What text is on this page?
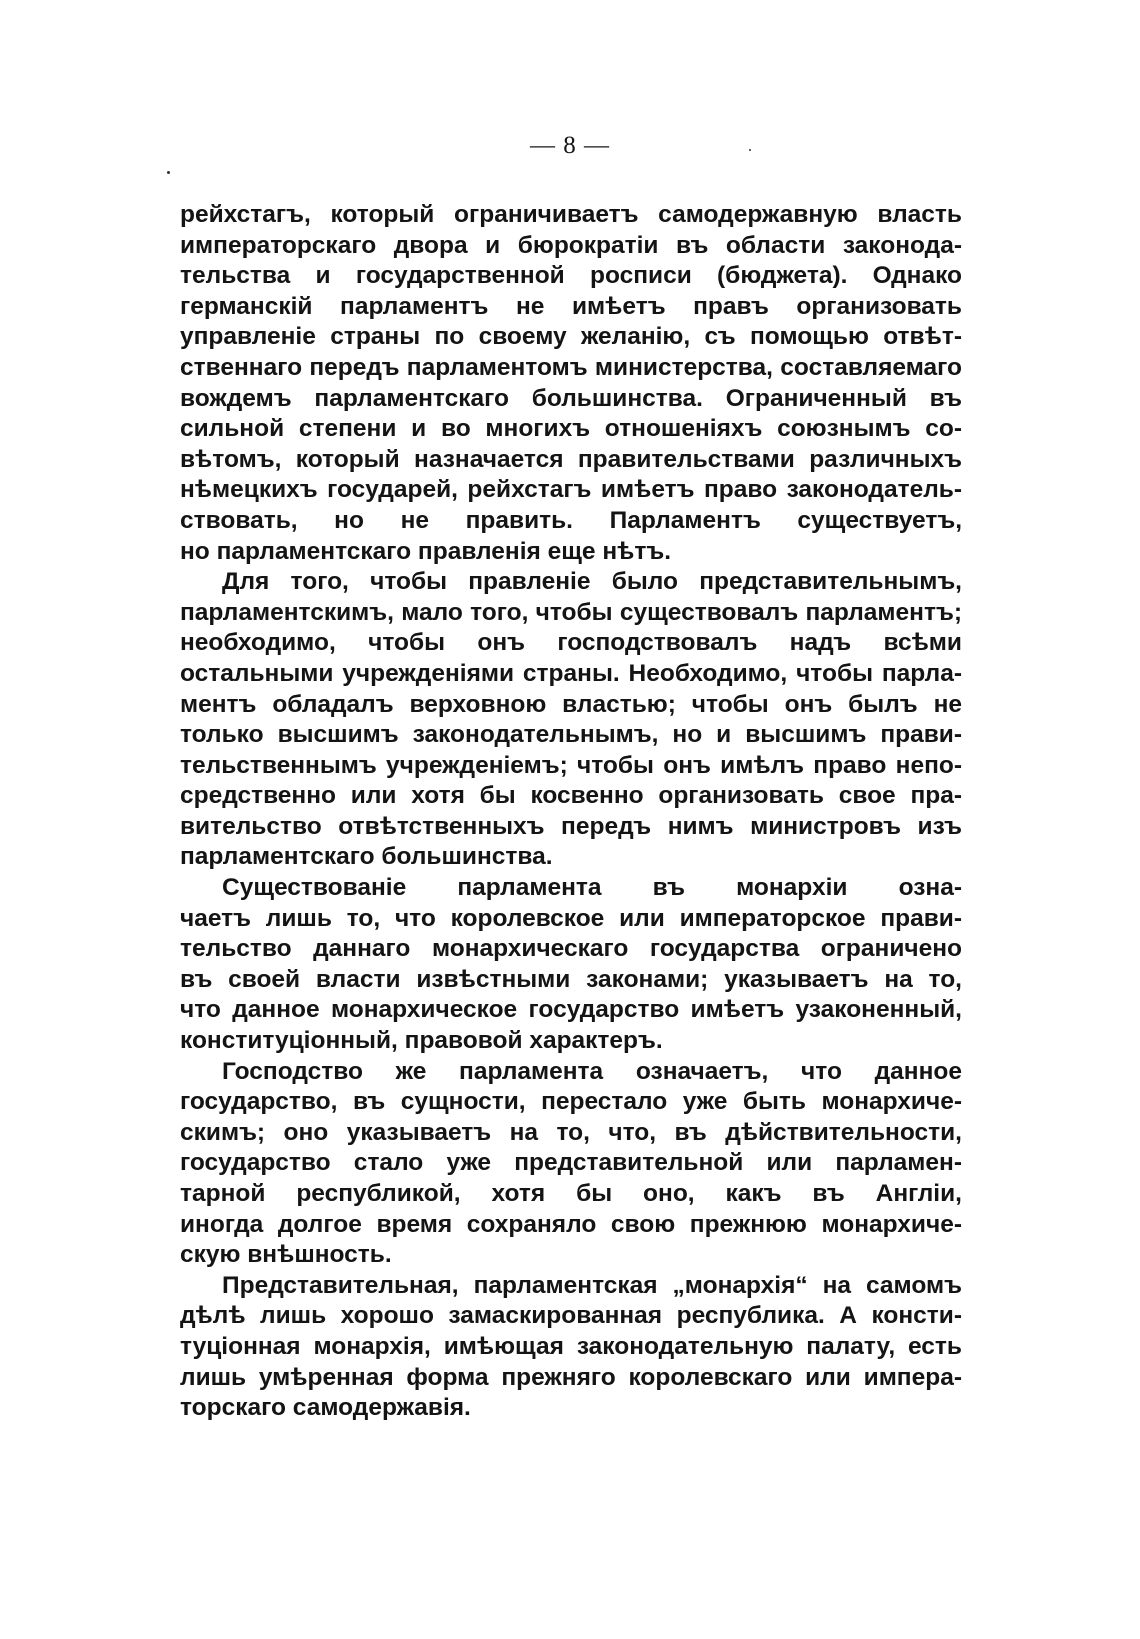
— 8 —
рейхстагъ, который ограничиваетъ самодержавную власть
императорскаго двора и бюрократіи въ области законода-
тельства и государственной росписи (бюджета). Однако
германскій парламентъ не имѣетъ правъ организовать
управленіе страны по своему желанію, съ помощью отвѣт-
ственнаго передъ парламентомъ министерства, составляемаго
вождемъ парламентскаго большинства. Ограниченный въ
сильной степени и во многихъ отношеніяхъ союзнымъ со-
вѣтомъ, который назначается правительствами различныхъ
нѣмецкихъ государей, рейхстагъ имѣетъ право законодатель-
ствовать, но не править. Парламентъ существуетъ,
но парламентскаго правленія еще нѣтъ.
Для того, чтобы правленіе было представительнымъ,
парламентскимъ, мало того, чтобы существовалъ парламентъ;
необходимо, чтобы онъ господствовалъ надъ всѣми
остальными учрежденіями страны. Необходимо, чтобы парла-
ментъ обладалъ верховною властью; чтобы онъ былъ не
только высшимъ законодательнымъ, но и высшимъ прави-
тельственнымъ учрежденіемъ; чтобы онъ имѣлъ право непо-
средственно или хотя бы косвенно организовать свое пра-
вительство отвѣтственныхъ передъ нимъ министровъ изъ
парламентскаго большинства.
Существованіе парламента въ монархіи озна-
чаетъ лишь то, что королевское или императорское прави-
тельство даннаго монархическаго государства ограничено
въ своей власти извѣстными законами; указываетъ на то,
что данное монархическое государство имѣетъ узаконенный,
конституціонный, правовой характеръ.
Господство же парламента означаетъ, что данное
государство, въ сущности, перестало уже быть монархиче-
скимъ; оно указываетъ на то, что, въ дѣйствительности,
государство стало уже представительной или парламен-
тарной республикой, хотя бы оно, какъ въ Англіи,
иногда долгое время сохраняло свою прежнюю монархиче-
скую внѣшность.
Представительная, парламентская „монархія“ на самомъ
дѣлѣ лишь хорошо замаскированная республика. А консти-
туціонная монархія, имѣющая законодательную палату, есть
лишь умѣренная форма прежняго королевскаго или импера-
торскаго самодержавія.
